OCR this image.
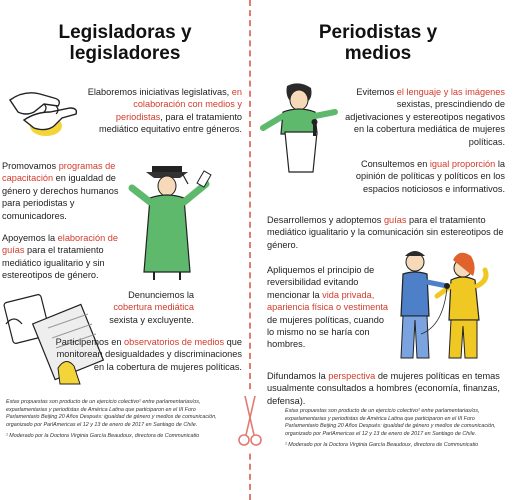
Legisladoras y
legisladores
Elaboremos iniciativas legislativas, en colaboración con medios y periodistas, para el tratamiento mediático equitativo entre géneros.
Promovamos programas de capacitación en igualdad de género y derechos humanos para periodistas y comunicadores.
Apoyemos la elaboración de guías para el tratamiento mediático igualitario y sin estereotipos de género.
Denunciemos la cobertura mediática sexista y excluyente.
Participemos en observatorios de medios que monitorean desigualdades y discriminaciones en la cobertura de mujeres políticas.
Estas propuestas son producto de un ejercicio colectivo¹ entre parlamentarias/os,
exparlamentarias y periodistas de América Latina que participaron en el III Foro
Parlamentario Beijing 20 Años Después: igualdad de género y medios de comunicación,
organizado por ParlAmericas el 12 y 13 de enero de 2017 en Santiago de Chile.
¹ Moderado por la Doctora Virginia García Beaudoux, directora de Communicatio
Periodistas y
medios
Evitemos el lenguaje y las imágenes sexistas, prescindiendo de adjetivaciones y estereotipos negativos en la cobertura mediática de mujeres políticas.
Consultemos en igual proporción la opinión de políticas y políticos en los espacios noticiosos e informativos.
Desarrollemos y adoptemos guías para el tratamiento mediático igualitario y la comunicación sin estereotipos de género.
Apliquemos el principio de reversibilidad evitando mencionar la vida privada, apariencia física o vestimenta de mujeres políticas, cuando lo mismo no se haría con hombres.
Difundamos la perspectiva de mujeres políticas en temas usualmente consultados a hombres (economía, finanzas, defensa).
Estas propuestas son producto de un ejercicio colectivo¹ entre parlamentarias/os,
exparlamentarias y periodistas de América Latina que participaron en el III Foro
Parlamentario Beijing 20 Años Después: igualdad de género y medios de comunicación,
organizado por ParlAmericas el 12 y 13 de enero de 2017 en Santiago de Chile.
¹ Moderado por la Doctora Virginia García Beaudoux, directora de Communicatio
